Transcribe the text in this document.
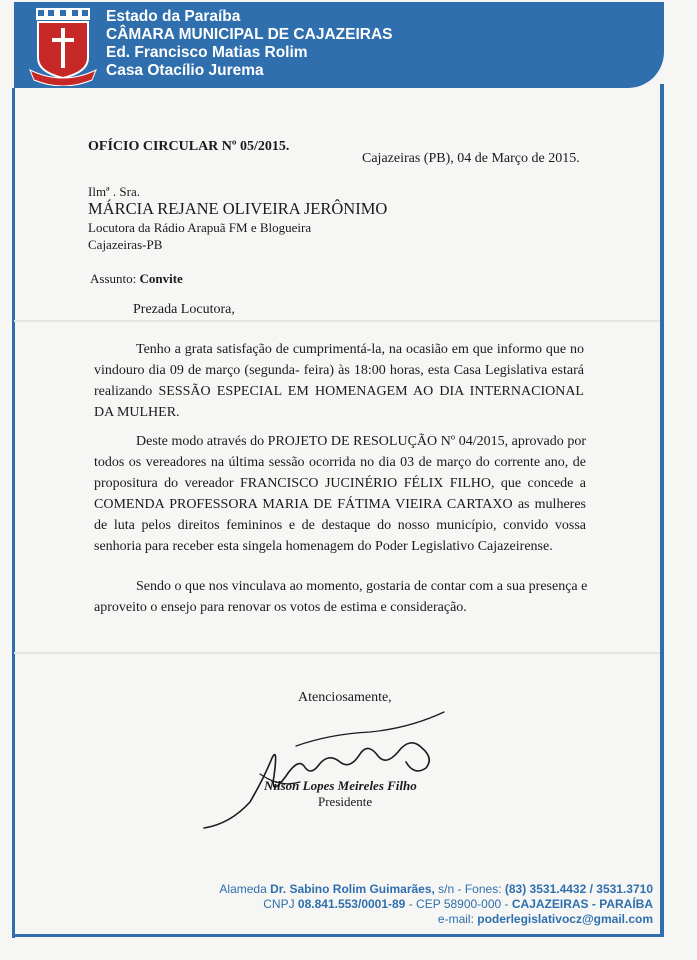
Estado da Paraíba
CÂMARA MUNICIPAL DE CAJAZEIRAS
Ed. Francisco Matias Rolim
Casa Otacílio Jurema
OFÍCIO CIRCULAR Nº 05/2015.
Cajazeiras (PB), 04 de Março de 2015.
Ilmª . Sra.
MÁRCIA REJANE OLIVEIRA JERÔNIMO
Locutora da Rádio Arapuã FM e Blogueira
Cajazeiras-PB
Assunto: Convite
Prezada Locutora,
Tenho a grata satisfação de cumprimentá-la, na ocasião em que informo que no
vindouro dia 09 de março (segunda- feira) às 18:00 horas, esta Casa Legislativa estará
realizando SESSÃO ESPECIAL EM HOMENAGEM AO DIA INTERNACIONAL
DA MULHER.
Deste modo através do PROJETO DE RESOLUÇÃO Nº 04/2015, aprovado por
todos os vereadores na última sessão ocorrida no dia 03 de março do corrente ano, de
propositura do vereador FRANCISCO JUCINÉRIO FÉLIX FILHO, que concede a
COMENDA PROFESSORA MARIA DE FÁTIMA VIEIRA CARTAXO as mulheres
de luta pelos direitos femininos e de destaque do nosso município, convido vossa
senhoria para receber esta singela homenagem do Poder Legislativo Cajazeirense.
Sendo o que nos vinculava ao momento, gostaria de contar com a sua presença e
aproveito o ensejo para renovar os votos de estima e consideração.
Atenciosamente,
Nilson Lopes Meireles Filho
Presidente
Alameda Dr. Sabino Rolim Guimarães, s/n - Fones: (83) 3531.4432 / 3531.3710
CNPJ 08.841.553/0001-89 - CEP 58900-000 - CAJAZEIRAS - PARAÍBA
e-mail: poderlegislativocz@gmail.com
